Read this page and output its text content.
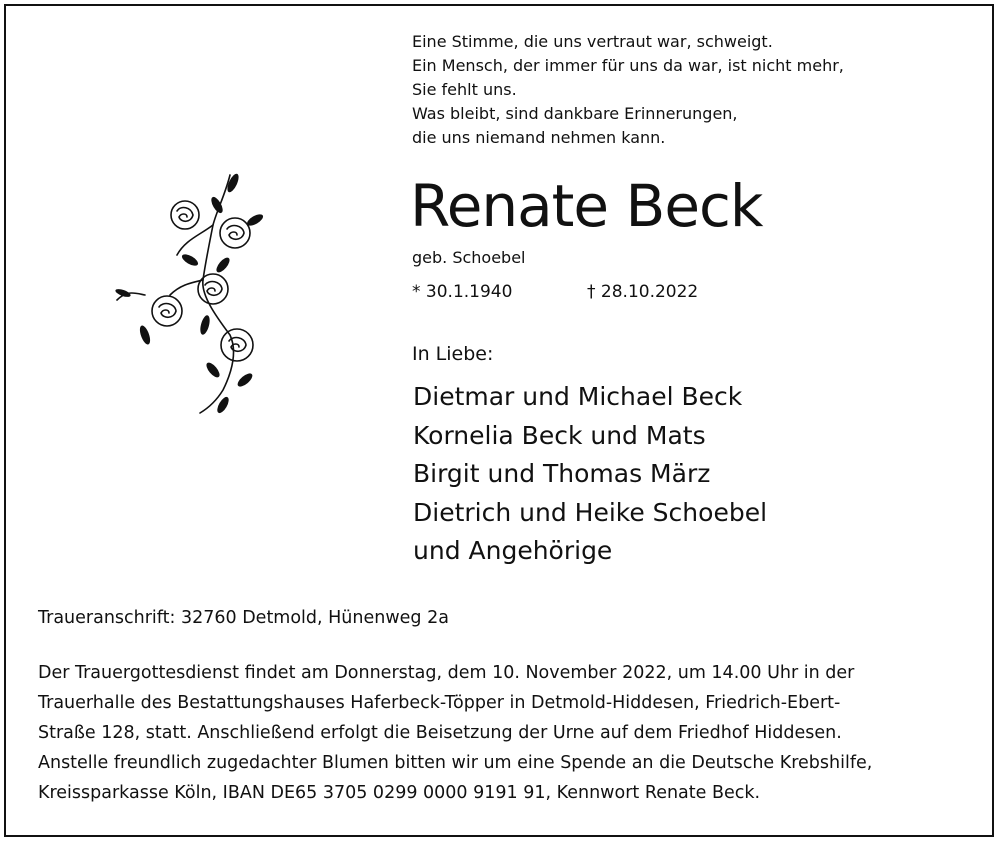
Eine Stimme, die uns vertraut war, schweigt.
Ein Mensch, der immer für uns da war, ist nicht mehr,
Sie fehlt uns.
Was bleibt, sind dankbare Erinnerungen,
die uns niemand nehmen kann.
Renate Beck
geb. Schoebel
* 30.1.1940	† 28.10.2022
In Liebe:
Dietmar und Michael Beck
Kornelia Beck und Mats
Birgit und Thomas März
Dietrich und Heike Schoebel
und Angehörige
Traueranschrift: 32760 Detmold, Hünenweg 2a
Der Trauergottesdienst findet am Donnerstag, dem 10. November 2022, um 14.00 Uhr in der
Trauerhalle des Bestattungshauses Haferbeck-Töpper in Detmold-Hiddesen, Friedrich-Ebert-
Straße 128, statt. Anschließend erfolgt die Beisetzung der Urne auf dem Friedhof Hiddesen.
Anstelle freundlich zugedachter Blumen bitten wir um eine Spende an die Deutsche Krebshilfe,
Kreissparkasse Köln, IBAN DE65 3705 0299 0000 9191 91, Kennwort Renate Beck.
